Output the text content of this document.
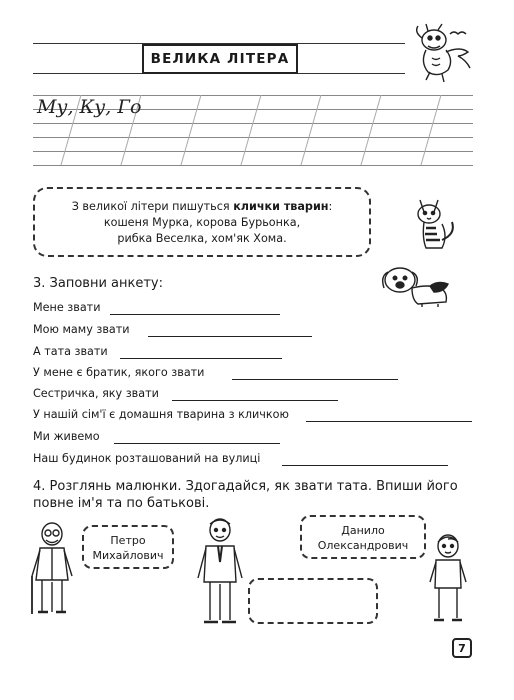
ВЕЛИКА ЛІТЕРА
Му, Ку, Го
З великої літери пишуться клички тварин:
кошеня Мурка, корова Бурьонка,
рибка Веселка, хом'як Хома.
3. Заповни анкету:
Мене звати
Мою маму звати
А тата звати
У мене є братик, якого звати
Сестричка, яку звати
У нашій сім'ї є домашня тварина з кличкою
Ми живемо
Наш будинок розташований на вулиці
4. Розглянь малюнки. Здогадайся, як звати тата. Впиши його повне ім'я та по батькові.
Петро
Михайлович
Данило
Олександрович
7
